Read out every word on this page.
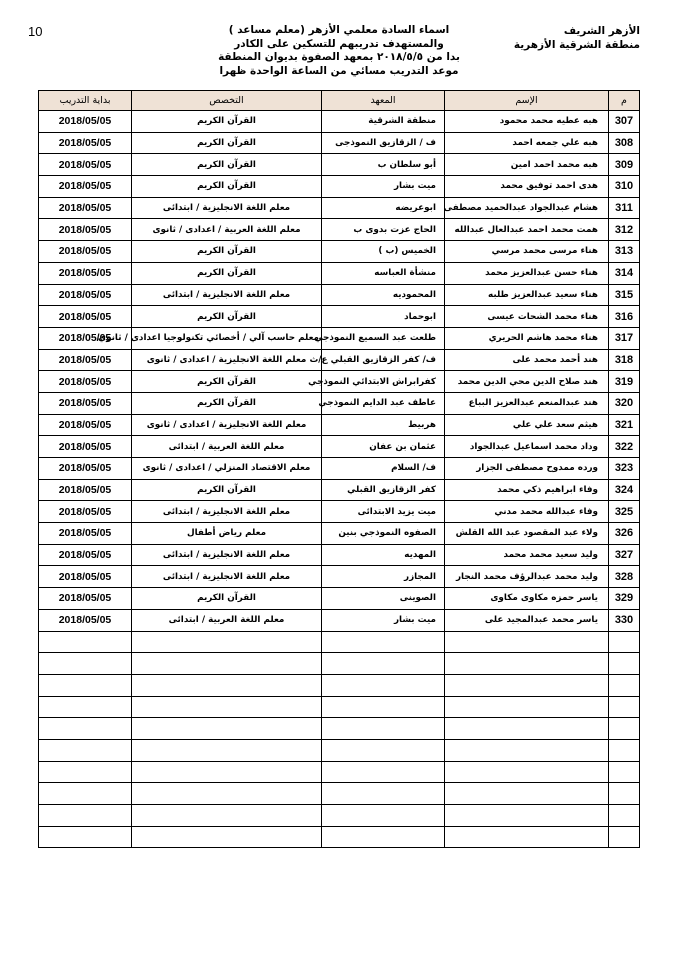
10	الأزهر الشريف
منطقة الشرقية الأزهرية
اسماء السادة معلمي الأزهر (معلم مساعد )
والمستهدف تدريبهم للتسكين على الكادر
بدا من ٢٠١٨/٥/٥ بمعهد الصفوة بديوان المنطقة
موعد التدريب مسائي من الساعة الواحدة ظهرا
م	الإسم	المعهد	التخصص	بداية التدريب
307	هبه عطيه محمد محمود	منطقة الشرقية	القرآن الكريم	2018/05/05
308	هبه علي جمعه احمد	ف / الزقازيق النموذجى	القرآن الكريم	2018/05/05
309	هبه محمد احمد امين	أبو سلطان ب	القرآن الكريم	2018/05/05
310	هدى احمد توفيق محمد	ميت بشار	القرآن الكريم	2018/05/05
311	هشام عبدالجواد عبدالحميد مصطفى	ابوعريضه	معلم اللغة الانجليزية / ابتدائى	2018/05/05
312	همت محمد احمد عبدالعال عبدالله	الحاج عزت بدوى ب	معلم اللغة العربية / اعدادى / ثانوى	2018/05/05
313	هناء مرسى محمد مرسي	الخميس (ب )	القرآن الكريم	2018/05/05
314	هناء حسن عبدالعزيز محمد	منشأة العباسه	القرآن الكريم	2018/05/05
315	هناء سعيد عبدالعزيز طلبه	المحموديه	معلم اللغة الانجليزية / ابتدائى	2018/05/05
316	هناء محمد الشحات عيسى	ابوحماد	القرآن الكريم	2018/05/05
317	هناء محمد هاشم الحريري	طلعت عبد السميع النموذجي	معلم حاسب آلي / أخصائي تكنولوجيا اعدادى / ثانوي	2018/05/05
318	هند أحمد محمد على	ف/ كفر الزقازيق القبلي ع/ث	معلم اللغة الانجليزية / اعدادى / ثانوى	2018/05/05
319	هند صلاح الدين محي الدين محمد	كفرابراش الابتدائي النموذجي	القرآن الكريم	2018/05/05
320	هند عبدالمنعم عبدالعزيز البباع	عاطف عبد الدايم النموذجي	القرآن الكريم	2018/05/05
321	هيثم سعد علي علي	هربيط	معلم اللغة الانجليزية / اعدادى / ثانوى	2018/05/05
322	وداد محمد اسماعيل عبدالجواد	عثمان بن عفان	معلم اللغة العربية / ابتدائى	2018/05/05
323	ورده ممدوح مصطفى الجزار	ف/ السلام	معلم الاقتصاد المنزلي / اعدادى / ثانوى	2018/05/05
324	وفاء ابراهيم ذكي محمد	كفر الزقازيق القبلي	القرآن الكريم	2018/05/05
325	وفاء عبدالله محمد مدني	ميت يزيد الابتدائى	معلم اللغة الانجليزية / ابتدائى	2018/05/05
326	ولاء عبد المقصود عبد الله القلش	الصفوه النموذجي بنين	معلم رياض أطفال	2018/05/05
327	وليد سعيد محمد محمد	المهديه	معلم اللغة الانجليزية / ابتدائى	2018/05/05
328	وليد محمد عبدالرؤف محمد النجار	المجازر	معلم اللغة الانجليزية / ابتدائى	2018/05/05
329	ياسر حمزه مكاوى مكاوى	الصوينى	القرآن الكريم	2018/05/05
330	ياسر محمد عبدالمجيد على	ميت بشار	معلم اللغة العربية / ابتدائى	2018/05/05
